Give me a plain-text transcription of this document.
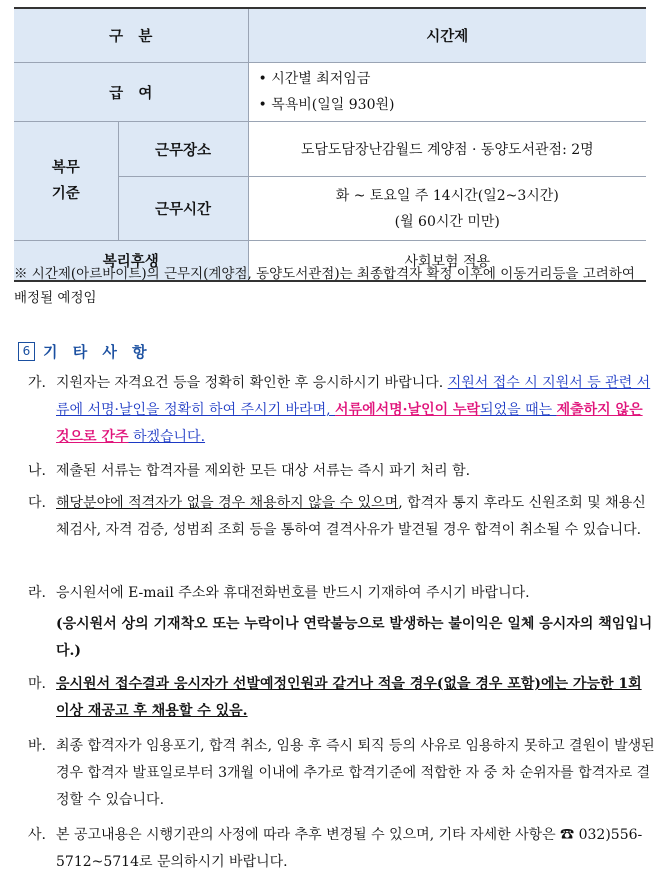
구   분		시간제
급   여		• 시간별 최저임금
• 목욕비(일일 930원)

복무
기준	근무장소	도담도담장난감월드 계양점 · 동양도서관점: 2명
	근무시간	화 ~ 토요일 주 14시간(일2~3시간)
(월 60시간 미만)

복리후생		사회보험 적용
※ 시간제(아르바이트)의 근무지(계양점, 동양도서관점)는 최종합격자 확정 이후에 이동거리등을 고려하여 배정될 예정임
6 기 타 사 항
가. 지원자는 자격요건 등을 정확히 확인한 후 응시하시기 바랍니다. 지원서 접수 시 지원서 등 관련 서류에 서명·날인을 정확히 하여 주시기 바라며, 서류에서명·날인이 누락되었을 때는 제출하지 않은 것으로 간주 하겠습니다.
나. 제출된 서류는 합격자를 제외한 모든 대상 서류는 즉시 파기 처리 함.
다. 해당분야에 적격자가 없을 경우 채용하지 않을 수 있으며, 합격자 통지 후라도 신원조회 및 채용신체검사, 자격 검증, 성범죄 조회 등을 통하여 결격사유가 발견될 경우 합격이 취소될 수 있습니다.
라. 응시원서에 E-mail 주소와 휴대전화번호를 반드시 기재하여 주시기 바랍니다.
(응시원서 상의 기재착오 또는 누락이나 연락불능으로 발생하는 불이익은 일체 응시자의 책임입니다.)
마. 응시원서 접수결과 응시자가 선발예정인원과 같거나 적을 경우(없을 경우 포함)에는 가능한 1회 이상 재공고 후 채용할 수 있음.
바. 최종 합격자가 임용포기, 합격 취소, 임용 후 즉시 퇴직 등의 사유로 임용하지 못하고 결원이 발생된 경우 합격자 발표일로부터 3개월 이내에 추가로 합격기준에 적합한 자 중 차 순위자를 합격자로 결정할 수 있습니다.
사. 본 공고내용은 시행기관의 사정에 따라 추후 변경될 수 있으며, 기타 자세한 사항은 ☎ 032)556-5712~5714로 문의하시기 바랍니다.
